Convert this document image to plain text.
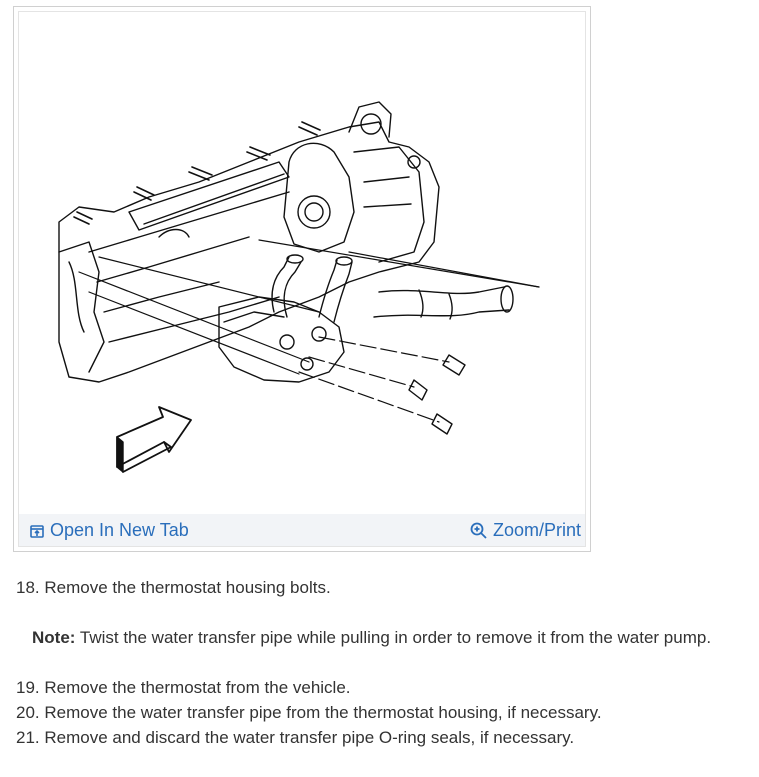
Open In New Tab	Zoom/Print
18. Remove the thermostat housing bolts.
Note: Twist the water transfer pipe while pulling in order to remove it from the water pump.
19. Remove the thermostat from the vehicle.
20. Remove the water transfer pipe from the thermostat housing, if necessary.
21. Remove and discard the water transfer pipe O-ring seals, if necessary.
